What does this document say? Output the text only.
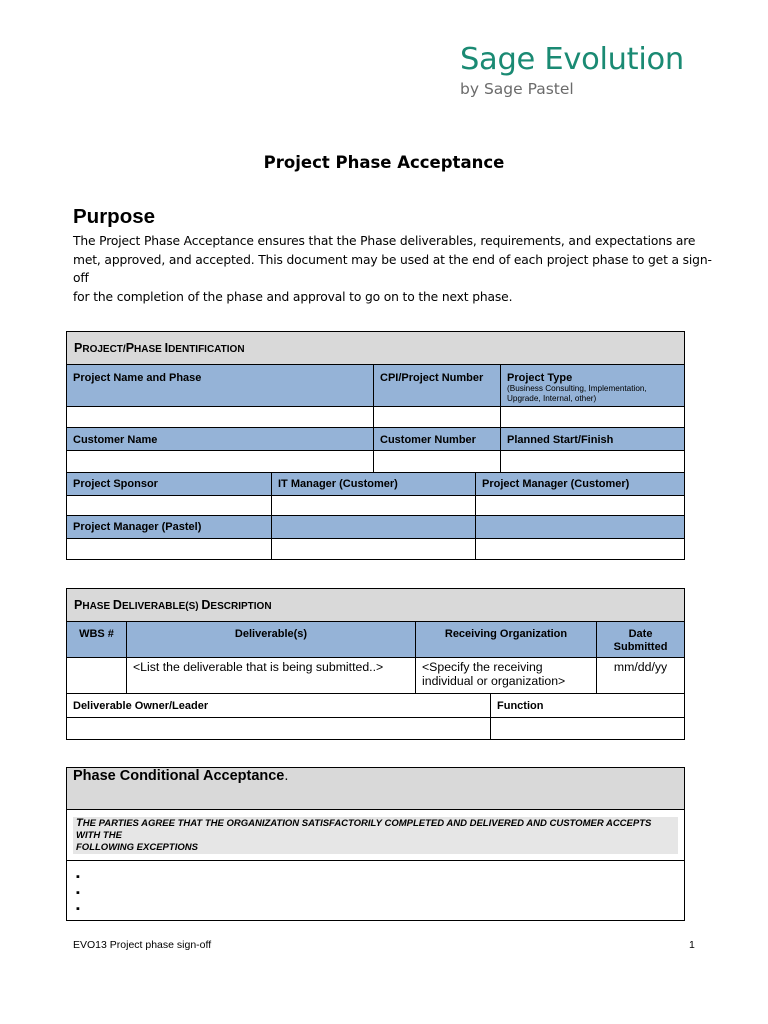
Sage Evolution
by Sage Pastel
Project Phase Acceptance
Purpose
The Project Phase Acceptance ensures that the Phase deliverables, requirements, and expectations are
met, approved, and accepted. This document may be used at the end of each project phase to get a sign-off
for the completion of the phase and approval to go on to the next phase.
PROJECT/PHASE IDENTIFICATION				
Project Name and Phase		CPI/Project Number		Project Type
(Business Consulting, Implementation, Upgrade, Internal, other)

Customer Name		Customer Number		Planned Start/Finish

Project Sponsor	IT Manager (Customer)		Project Manager (Customer)	

Project Manager (Pastel)				

PHASE DELIVERABLE(S) DESCRIPTION				
WBS #	Deliverable(s)	Receiving Organization		Date
Submitted

	<List the deliverable that is being submitted..>	<Specify the receiving
individual or organization>		mm/dd/yy
Deliverable Owner/Leader			Function	

Phase Conditional Acceptance.

THE PARTIES AGREE THAT THE ORGANIZATION SATISFACTORILY COMPLETED AND DELIVERED AND CUSTOMER ACCEPTS WITH THE
FOLLOWING EXCEPTIONS

▪
▪
▪
EVO13 Project phase sign-off	1
